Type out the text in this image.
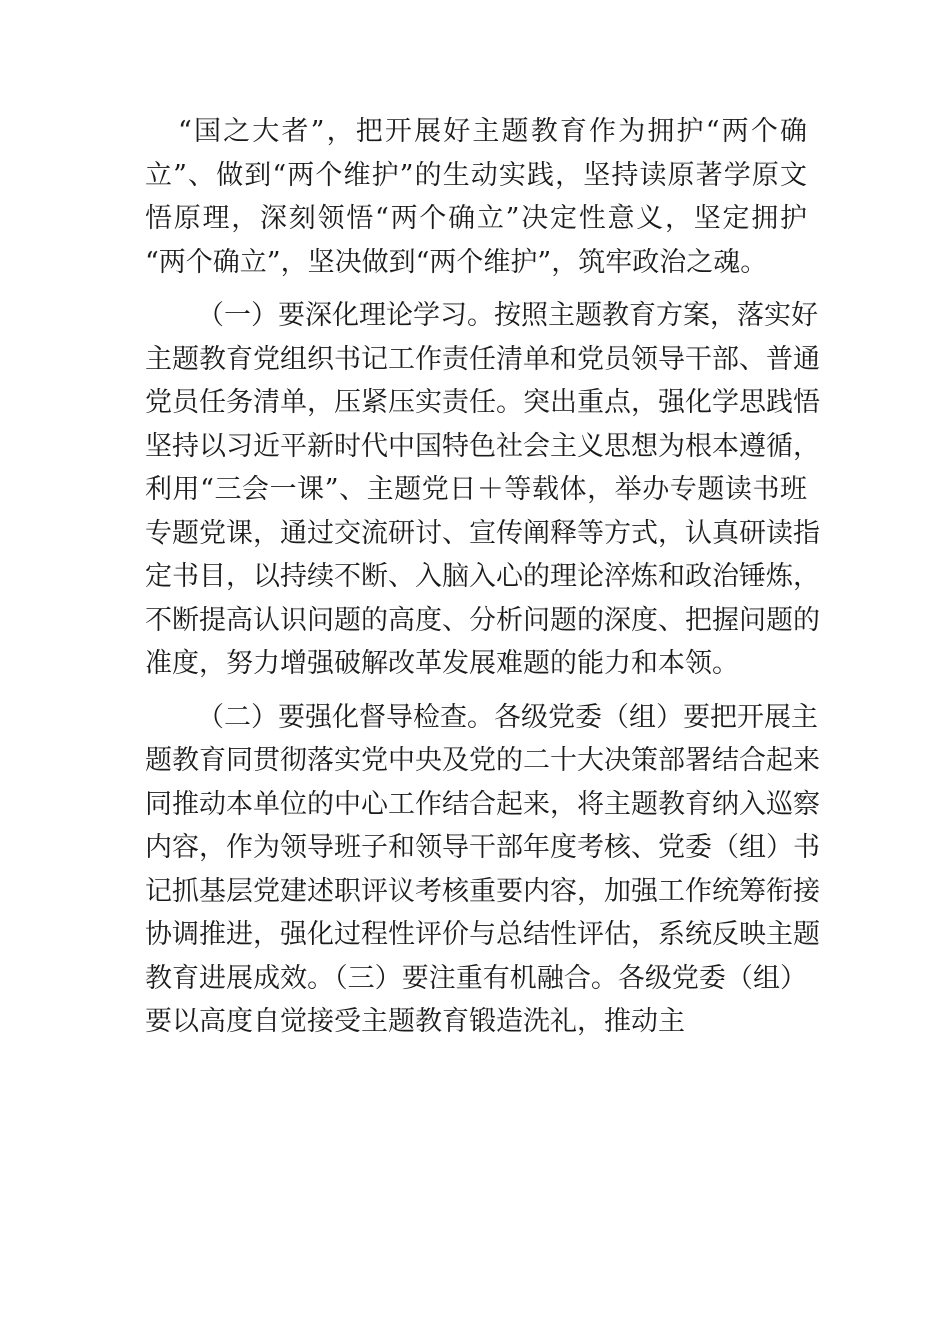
“国之大者”，把开展好主题教育作为拥护“两个确
立”、做到“两个维护”的生动实践，坚持读原著学原文
悟原理，深刻领悟“两个确立”决定性意义，坚定拥护
“两个确立”，坚决做到“两个维护”，筑牢政治之魂。
（一）要深化理论学习。按照主题教育方案，落实好
主题教育党组织书记工作责任清单和党员领导干部、普通
党员任务清单，压紧压实责任。突出重点，强化学思践悟
坚持以习近平新时代中国特色社会主义思想为根本遵循，
利用“三会一课”、主题党日＋等载体，举办专题读书班
专题党课，通过交流研讨、宣传阐释等方式，认真研读指
定书目，以持续不断、入脑入心的理论淬炼和政治锤炼，
不断提高认识问题的高度、分析问题的深度、把握问题的
准度，努力增强破解改革发展难题的能力和本领。
（二）要强化督导检查。各级党委（组）要把开展主
题教育同贯彻落实党中央及党的二十大决策部署结合起来
同推动本单位的中心工作结合起来，将主题教育纳入巡察
内容，作为领导班子和领导干部年度考核、党委（组）书
记抓基层党建述职评议考核重要内容，加强工作统筹衔接
协调推进，强化过程性评价与总结性评估，系统反映主题
教育进展成效。（三）要注重有机融合。各级党委（组）
要以高度自觉接受主题教育锻造洗礼，推动主
